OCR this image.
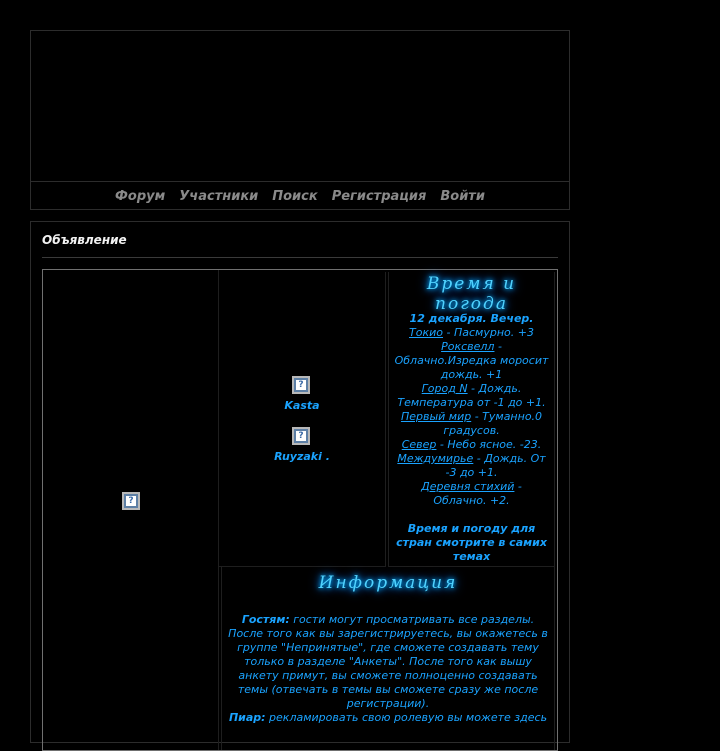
Форум Участники Поиск Регистрация Войти
Объявление
?
?
Kasta
?
Ruyzaki .
Время и погода
12 декабря. Вечер.
Токио - Пасмурно. +3
Роксвелл - Облачно.Изредка моросит дождь. +1
Город N - Дождь. Температура от -1 до +1.
Первый мир - Туманно.0 градусов.
Север - Небо ясное. -23.
Междумирье - Дождь. От -3 до +1.
Деревня стихий - Облачно. +2.

Время и погоду для стран смотрите в самих темах
Информация
Гостям: гости могут просматривать все разделы. После того как вы зарегистрируетесь, вы окажетесь в группе "Непринятые", где сможете создавать тему только в разделе "Анкеты". После того как вышу анкету примут, вы сможете полноценно создавать темы (отвечать в темы вы сможете сразу же после регистрации).
Пиар: рекламировать свою ролевую вы можете здесь
